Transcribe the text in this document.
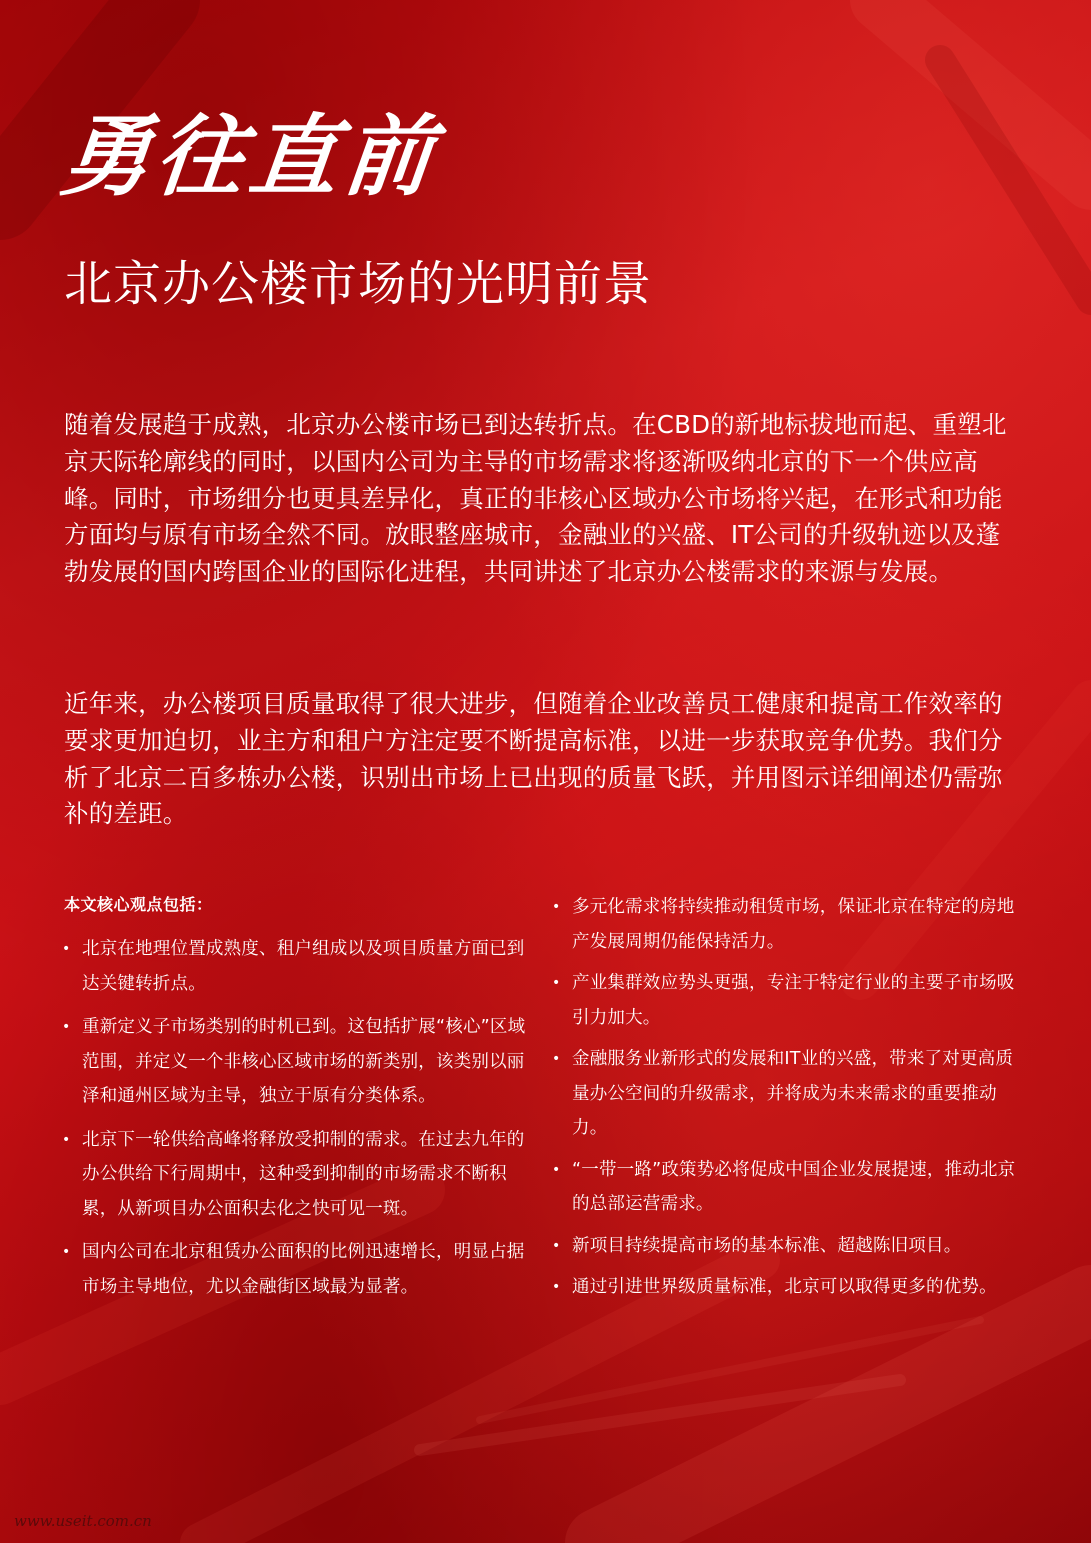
勇往直前
北京办公楼市场的光明前景

随着发展趋于成熟，北京办公楼市场已到达转折点。在CBD的新地标拔地而起、重塑北京天际轮廓线的同时，以国内公司为主导的市场需求将逐渐吸纳北京的下一个供应高峰。同时，市场细分也更具差异化，真正的非核心区域办公市场将兴起，在形式和功能方面均与原有市场全然不同。放眼整座城市，金融业的兴盛、IT公司的升级轨迹以及蓬勃发展的国内跨国企业的国际化进程，共同讲述了北京办公楼需求的来源与发展。

近年来，办公楼项目质量取得了很大进步，但随着企业改善员工健康和提高工作效率的要求更加迫切，业主方和租户方注定要不断提高标准，以进一步获取竞争优势。我们分析了北京二百多栋办公楼，识别出市场上已出现的质量飞跃，并用图示详细阐述仍需弥补的差距。

本文核心观点包括：
• 北京在地理位置成熟度、租户组成以及项目质量方面已到达关键转折点。
• 重新定义子市场类别的时机已到。这包括扩展“核心”区域范围，并定义一个非核心区域市场的新类别，该类别以丽泽和通州区域为主导，独立于原有分类体系。
• 北京下一轮供给高峰将释放受抑制的需求。在过去九年的办公供给下行周期中，这种受到抑制的市场需求不断积累，从新项目办公面积去化之快可见一斑。
• 国内公司在北京租赁办公面积的比例迅速增长，明显占据市场主导地位，尤以金融街区域最为显著。
• 多元化需求将持续推动租赁市场，保证北京在特定的房地产发展周期仍能保持活力。
• 产业集群效应势头更强，专注于特定行业的主要子市场吸引力加大。
• 金融服务业新形式的发展和IT业的兴盛，带来了对更高质量办公空间的升级需求，并将成为未来需求的重要推动力。
• “一带一路”政策势必将促成中国企业发展提速，推动北京的总部运营需求。
• 新项目持续提高市场的基本标准、超越陈旧项目。
• 通过引进世界级质量标准，北京可以取得更多的优势。
www.useit.com.cn
